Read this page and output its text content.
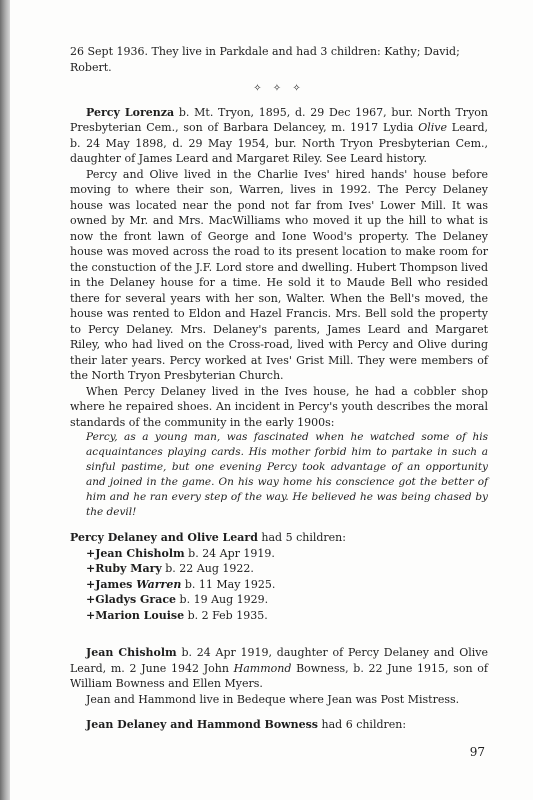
26 Sept 1936. They live in Parkdale and had 3 children: Kathy; David;
Robert.

✧ ✧ ✧

Percy Lorenza b. Mt. Tryon, 1895, d. 29 Dec 1967, bur. North Tryon Presbyterian Cem., son of Barbara Delancey, m. 1917 Lydia Olive Leard, b. 24 May 1898, d. 29 May 1954, bur. North Tryon Presbyterian Cem., daughter of James Leard and Margaret Riley. See Leard history.

Percy and Olive lived in the Charlie Ives' hired hands' house before moving to where their son, Warren, lives in 1992. The Percy Delaney house was located near the pond not far from Ives' Lower Mill. It was owned by Mr. and Mrs. MacWilliams who moved it up the hill to what is now the front lawn of George and Ione Wood's property. The Delaney house was moved across the road to its present location to make room for the constuction of the J.F. Lord store and dwelling. Hubert Thompson lived in the Delaney house for a time. He sold it to Maude Bell who resided there for several years with her son, Walter. When the Bell's moved, the house was rented to Eldon and Hazel Francis. Mrs. Bell sold the property to Percy Delaney. Mrs. Delaney's parents, James Leard and Margaret Riley, who had lived on the Cross-road, lived with Percy and Olive during their later years. Percy worked at Ives' Grist Mill. They were members of the North Tryon Presbyterian Church.

When Percy Delaney lived in the Ives house, he had a cobbler shop where he repaired shoes. An incident in Percy's youth describes the moral standards of the community in the early 1900s:

Percy, as a young man, was fascinated when he watched some of his acquaintances playing cards. His mother forbid him to partake in such a sinful pastime, but one evening Percy took advantage of an opportunity and joined in the game. On his way home his conscience got the better of him and he ran every step of the way. He believed he was being chased by the devil!

Percy Delaney and Olive Leard had 5 children:

+Jean Chisholm b. 24 Apr 1919.

+Ruby Mary b. 22 Aug 1922.

+James Warren b. 11 May 1925.

+Gladys Grace b. 19 Aug 1929.

+Marion Louise b. 2 Feb 1935.

Jean Chisholm b. 24 Apr 1919, daughter of Percy Delaney and Olive Leard, m. 2 June 1942 John Hammond Bowness, b. 22 June 1915, son of William Bowness and Ellen Myers.

Jean and Hammond live in Bedeque where Jean was Post Mistress.

Jean Delaney and Hammond Bowness had 6 children:

97
